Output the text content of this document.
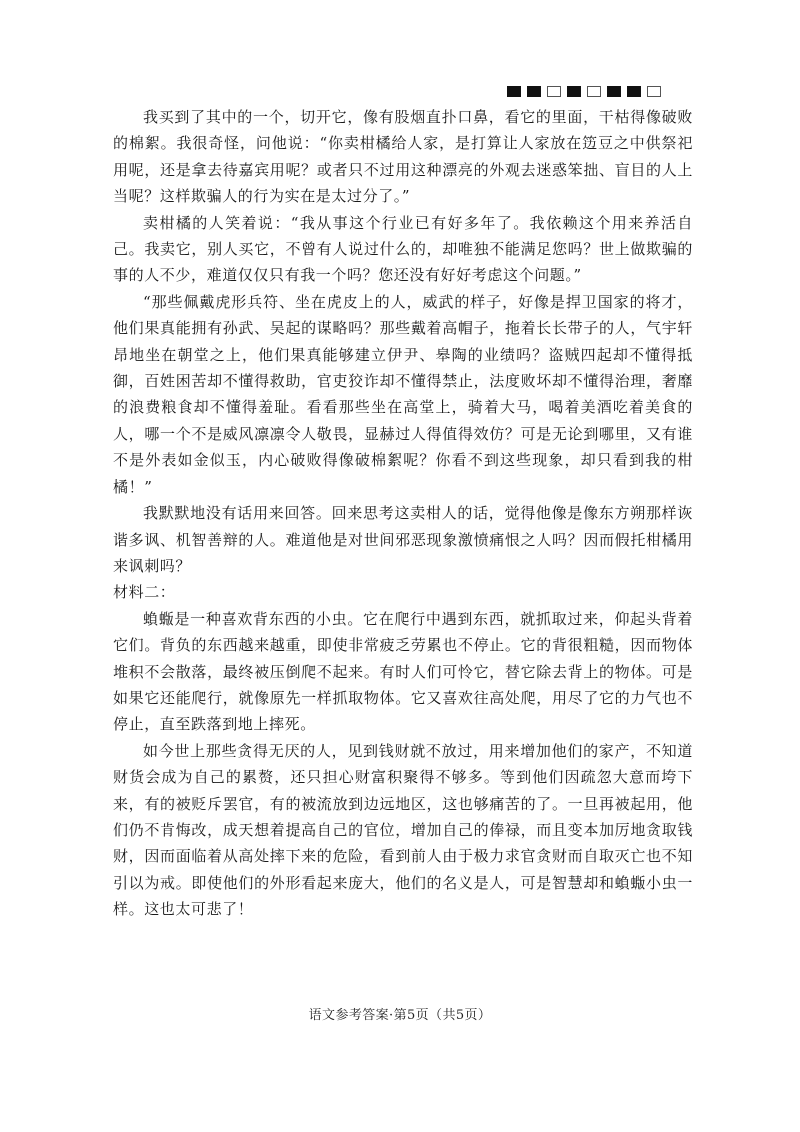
我买到了其中的一个，切开它，像有股烟直扑口鼻，看它的里面，干枯得像破败的棉絮。我很奇怪，问他说：“你卖柑橘给人家，是打算让人家放在笾豆之中供祭祀用呢，还是拿去待嘉宾用呢？或者只不过用这种漂亮的外观去迷惑笨拙、盲目的人上当呢？这样欺骗人的行为实在是太过分了。”

卖柑橘的人笑着说：“我从事这个行业已有好多年了。我依赖这个用来养活自己。我卖它，别人买它，不曾有人说过什么的，却唯独不能满足您吗？世上做欺骗的事的人不少，难道仅仅只有我一个吗？您还没有好好考虑这个问题。”

“那些佩戴虎形兵符、坐在虎皮上的人，威武的样子，好像是捍卫国家的将才，他们果真能拥有孙武、吴起的谋略吗？那些戴着高帽子，拖着长长带子的人，气宇轩昂地坐在朝堂之上，他们果真能够建立伊尹、皋陶的业绩吗？盗贼四起却不懂得抵御，百姓困苦却不懂得救助，官吏狡诈却不懂得禁止，法度败坏却不懂得治理，奢靡的浪费粮食却不懂得羞耻。看看那些坐在高堂上，骑着大马，喝着美酒吃着美食的人，哪一个不是威风凛凛令人敬畏，显赫过人得值得效仿？可是无论到哪里，又有谁不是外表如金似玉，内心破败得像破棉絮呢？你看不到这些现象，却只看到我的柑橘！”

我默默地没有话用来回答。回来思考这卖柑人的话，觉得他像是像东方朔那样诙谐多讽、机智善辩的人。难道他是对世间邪恶现象激愤痛恨之人吗？因而假托柑橘用来讽刺吗？

材料二：

蝜蝂是一种喜欢背东西的小虫。它在爬行中遇到东西，就抓取过来，仰起头背着它们。背负的东西越来越重，即使非常疲乏劳累也不停止。它的背很粗糙，因而物体堆积不会散落，最终被压倒爬不起来。有时人们可怜它，替它除去背上的物体。可是如果它还能爬行，就像原先一样抓取物体。它又喜欢往高处爬，用尽了它的力气也不停止，直至跌落到地上摔死。

如今世上那些贪得无厌的人，见到钱财就不放过，用来增加他们的家产，不知道财货会成为自己的累赘，还只担心财富积聚得不够多。等到他们因疏忽大意而垮下来，有的被贬斥罢官，有的被流放到边远地区，这也够痛苦的了。一旦再被起用，他们仍不肯悔改，成天想着提高自己的官位，增加自己的俸禄，而且变本加厉地贪取钱财，因而面临着从高处摔下来的危险，看到前人由于极力求官贪财而自取灭亡也不知引以为戒。即使他们的外形看起来庞大，他们的名义是人，可是智慧却和蝜蝂小虫一样。这也太可悲了！

语文参考答案·第5页（共5页）
